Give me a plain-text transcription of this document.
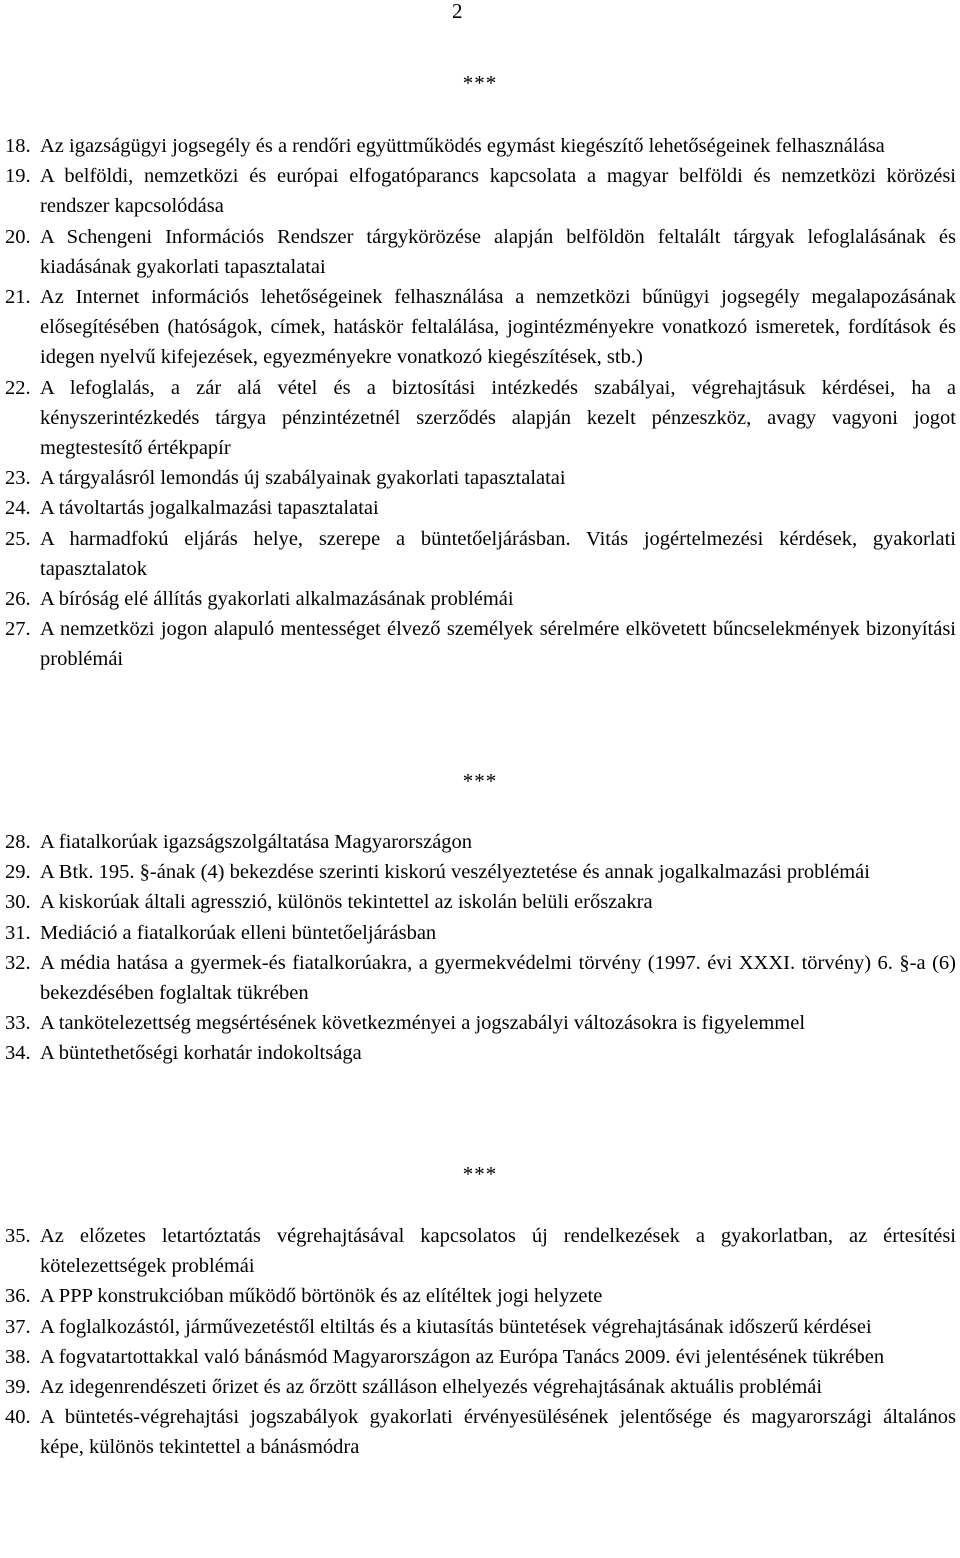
2
***
18. Az igazságügyi jogsegély és a rendőri együttműködés egymást kiegészítő lehetőségeinek felhasználása
19. A belföldi, nemzetközi és európai elfogatóparancs kapcsolata a magyar belföldi és nemzetközi körözési rendszer kapcsolódása
20. A Schengeni Információs Rendszer tárgykörözése alapján belföldön feltalált tárgyak lefoglalásának és kiadásának gyakorlati tapasztalatai
21. Az Internet információs lehetőségeinek felhasználása a nemzetközi bűnügyi jogsegély megalapozásának elősegítésében (hatóságok, címek, hatáskör feltalálása, jogintézményekre vonatkozó ismeretek, fordítások és idegen nyelvű kifejezések, egyezményekre vonatkozó kiegészítések, stb.)
22. A lefoglalás, a zár alá vétel és a biztosítási intézkedés szabályai, végrehajtásuk kérdései, ha a kényszerintézkedés tárgya pénzintézetnél szerződés alapján kezelt pénzeszköz, avagy vagyoni jogot megtestesítő értékpapír
23. A tárgyalásról lemondás új szabályainak gyakorlati tapasztalatai
24. A távoltartás jogalkalmazási tapasztalatai
25. A harmadfokú eljárás helye, szerepe a büntetőeljárásban. Vitás jogértelmezési kérdések, gyakorlati tapasztalatok
26. A bíróság elé állítás gyakorlati alkalmazásának problémái
27. A nemzetközi jogon alapuló mentességet élvező személyek sérelmére elkövetett bűncselekmények bizonyítási problémái
***
28. A fiatalkorúak igazságszolgáltatása Magyarországon
29. A Btk. 195. §-ának (4) bekezdése szerinti kiskorú veszélyeztetése és annak jogalkalmazási problémái
30. A kiskorúak általi agresszió, különös tekintettel az iskolán belüli erőszakra
31. Mediáció a fiatalkorúak elleni büntetőeljárásban
32. A média hatása a gyermek-és fiatalkorúakra, a gyermekvédelmi törvény (1997. évi XXXI. törvény) 6. §-a (6) bekezdésében foglaltak tükrében
33. A tankötelezettség megsértésének következményei a jogszabályi változásokra is figyelemmel
34. A büntethetőségi korhatár indokoltsága
***
35. Az előzetes letartóztatás végrehajtásával kapcsolatos új rendelkezések a gyakorlatban, az értesítési kötelezettségek problémái
36. A PPP konstrukcióban működő börtönök és az elítéltek jogi helyzete
37. A foglalkozástól, járművezetéstől eltiltás és a kiutasítás büntetések végrehajtásának időszerű kérdései
38. A fogvatartottakkal való bánásmód Magyarországon az Európa Tanács 2009. évi jelentésének tükrében
39. Az idegenrendészeti őrizet és az őrzött szálláson elhelyezés végrehajtásának aktuális problémái
40. A büntetés-végrehajtási jogszabályok gyakorlati érvényesülésének jelentősége és magyarországi általános képe, különös tekintettel a bánásmódra
